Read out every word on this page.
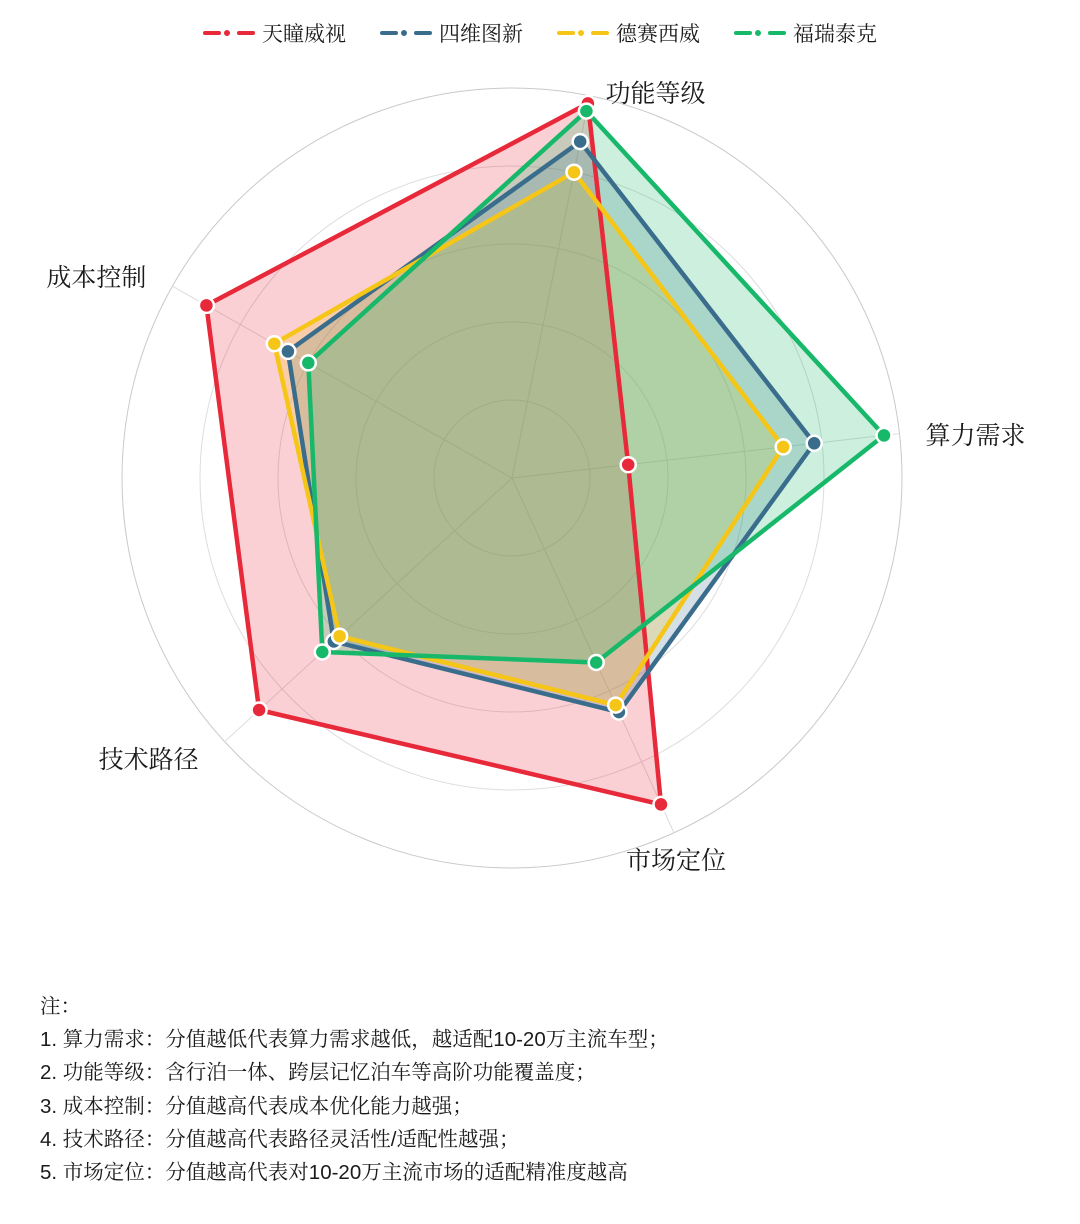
天瞳威视	四维图新	德赛西威	福瑞泰克
功能等级
算力需求
市场定位
技术路径
成本控制
注：
1. 算力需求：分值越低代表算力需求越低，越适配10-20万主流车型；
2. 功能等级：含行泊一体、跨层记忆泊车等高阶功能覆盖度；
3. 成本控制：分值越高代表成本优化能力越强；
4. 技术路径：分值越高代表路径灵活性/适配性越强；
5. 市场定位：分值越高代表对10-20万主流市场的适配精准度越高
